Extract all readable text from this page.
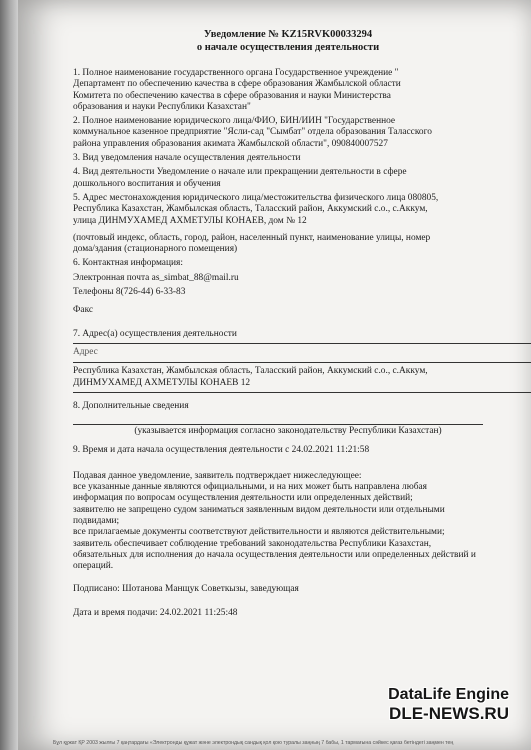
Уведомление № KZ15RVK00033294
о начале осуществления деятельности
1. Полное наименование государственного органа Государственное учреждение "
Департамент по обеспечению качества в сфере образования Жамбылской области
Комитета по обеспечению качества в сфере образования и науки Министерства
образования и науки Республики Казахстан"
2. Полное наименование юридического лица/ФИО, БИН/ИИН "Государственное
коммунальное казенное предприятие "Ясли-сад "Сымбат" отдела образования Таласского
района управления образования акимата Жамбылской области", 090840007527
3. Вид уведомления начале осуществления деятельности
4. Вид деятельности Уведомление о начале или прекращении деятельности в сфере
дошкольного воспитания и обучения
5. Адрес местонахождения юридического лица/местожительства физического лица 080805,
Республика Казахстан, Жамбылская область, Таласский район, Аккумский с.о., с.Аккум,
улица ДИНМУХАМЕД АХМЕТУЛЫ КОНАЕВ, дом № 12
(почтовый индекс, область, город, район, населенный пункт, наименование улицы, номер
дома/здания (стационарного помещения)
6. Контактная информация:
Электронная почта as_simbat_88@mail.ru
Телефоны 8(726-44) 6-33-83
Факс
7. Адрес(а) осуществления деятельности
Адрес
Республика Казахстан, Жамбылская область, Таласский район, Аккумский с.о., с.Аккум,
ДИНМУХАМЕД АХМЕТУЛЫ КОНАЕВ 12
8. Дополнительные сведения
(указывается информация согласно законодательству Республики Казахстан)
9. Время и дата начала осуществления деятельности с 24.02.2021 11:21:58
Подавая данное уведомление, заявитель подтверждает нижеследующее:
все указанные данные являются официальными, и на них может быть направлена любая
информация по вопросам осуществления деятельности или определенных действий;
заявителю не запрещено судом заниматься заявленным видом деятельности или отдельными
подвидами;
все прилагаемые документы соответствуют действительности и являются действительными;
заявитель обеспечивает соблюдение требований законодательства Республики Казахстан,
обязательных для исполнения до начала осуществления деятельности или определенных действий и
операций.
Подписано: Шотанова Манщук Советкызы, заведующая
Дата и время подачи: 24.02.2021 11:25:48
DataLife Engine
DLE-NEWS.RU
Бұл құжат ҚР 2003 жылғы 7 қаңтардағы «Электронды құжат және электрондық сандық қол қою туралы заңның 7 бабы, 1 тармағына сәйкес қағаз бетіндегі заңмен тең
